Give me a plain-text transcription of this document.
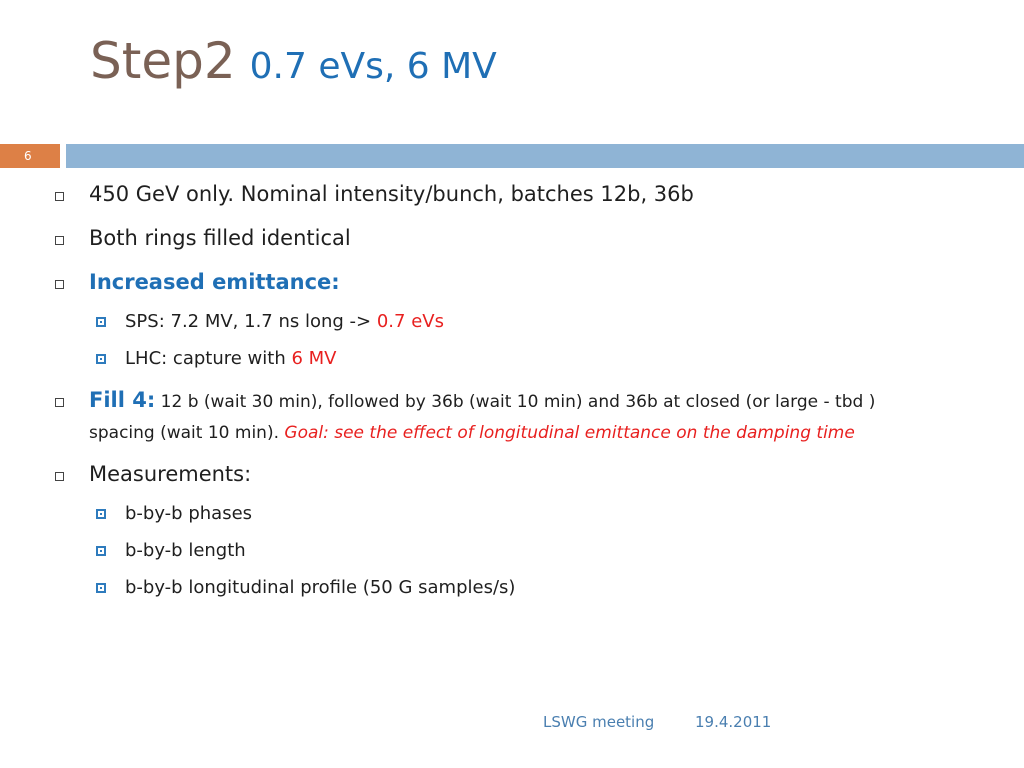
Step2 0.7 eVs, 6 MV
6
450 GeV only. Nominal intensity/bunch, batches 12b, 36b
Both rings filled identical
Increased emittance:
SPS: 7.2 MV, 1.7 ns long -> 0.7 eVs
LHC: capture with 6 MV
Fill 4: 12 b (wait 30 min), followed by 36b (wait 10 min) and 36b at closed (or large - tbd )
spacing (wait 10 min). Goal: see the effect of longitudinal emittance on the damping time
Measurements:
b-by-b phases
b-by-b length
b-by-b longitudinal profile (50 G samples/s)
LSWG meeting	19.4.2011
